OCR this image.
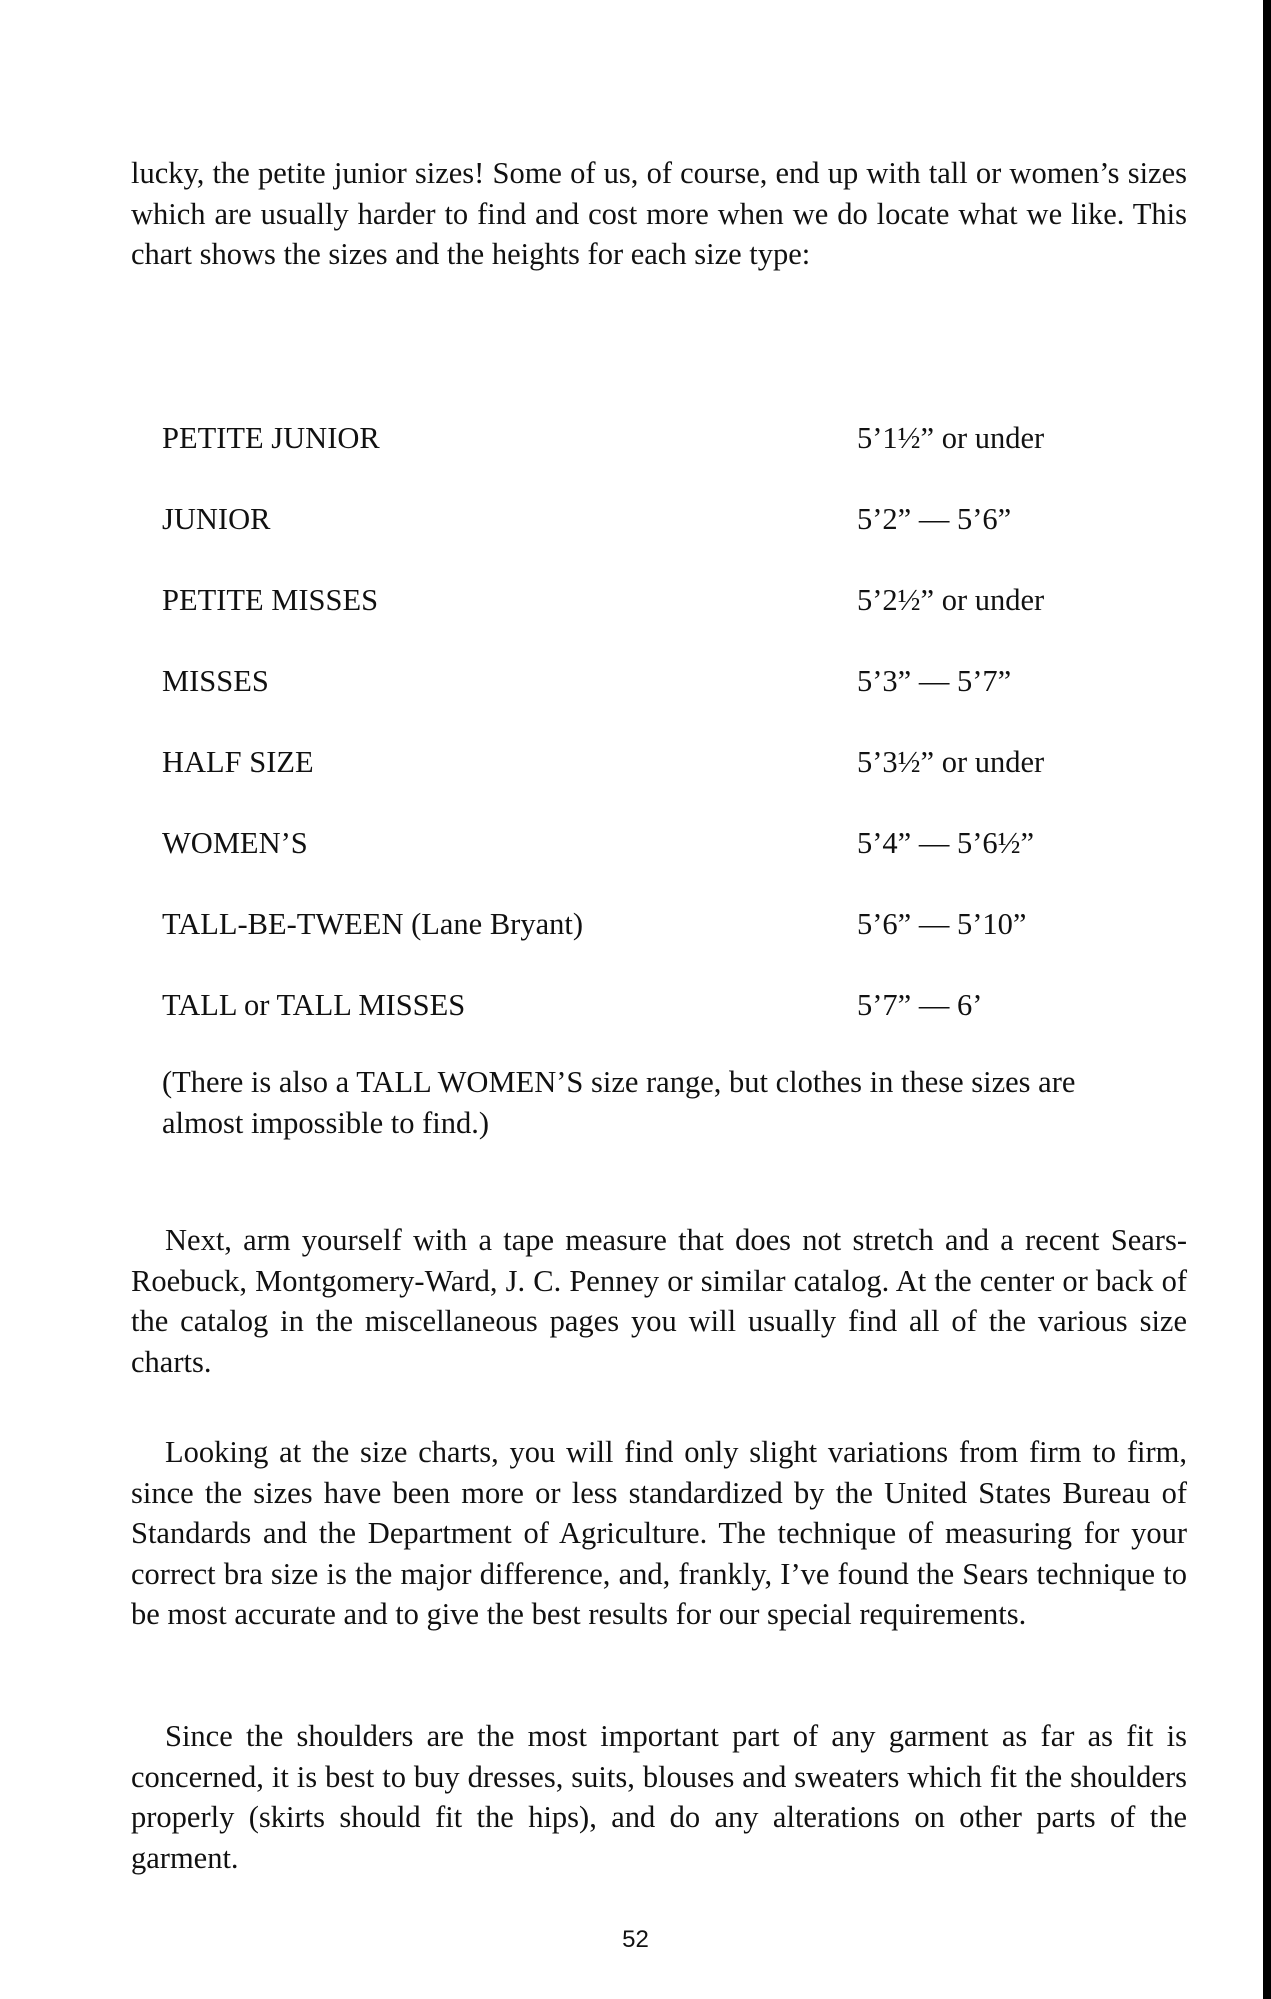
lucky, the petite junior sizes! Some of us, of course, end up with tall or women’s sizes which are usually harder to find and cost more when we do locate what we like. This chart shows the sizes and the heights for each size type:

PETITE JUNIOR	5’1½” or under
JUNIOR	5’2” — 5’6”
PETITE MISSES	5’2½” or under
MISSES	5’3” — 5’7”
HALF SIZE	5’3½” or under
WOMEN’S	5’4” — 5’6½”
TALL-BE-TWEEN (Lane Bryant)	5’6” — 5’10”
TALL or TALL MISSES	5’7” — 6’

(There is also a TALL WOMEN’S size range, but clothes in these sizes are almost impossible to find.)

Next, arm yourself with a tape measure that does not stretch and a recent Sears-Roebuck, Montgomery-Ward, J. C. Penney or similar catalog. At the center or back of the catalog in the miscellaneous pages you will usually find all of the various size charts.

Looking at the size charts, you will find only slight variations from firm to firm, since the sizes have been more or less standardized by the United States Bureau of Standards and the Department of Agriculture. The technique of measuring for your correct bra size is the major difference, and, frankly, I’ve found the Sears technique to be most accurate and to give the best results for our special requirements.

Since the shoulders are the most important part of any garment as far as fit is concerned, it is best to buy dresses, suits, blouses and sweaters which fit the shoulders properly (skirts should fit the hips), and do any alterations on other parts of the garment.

52
